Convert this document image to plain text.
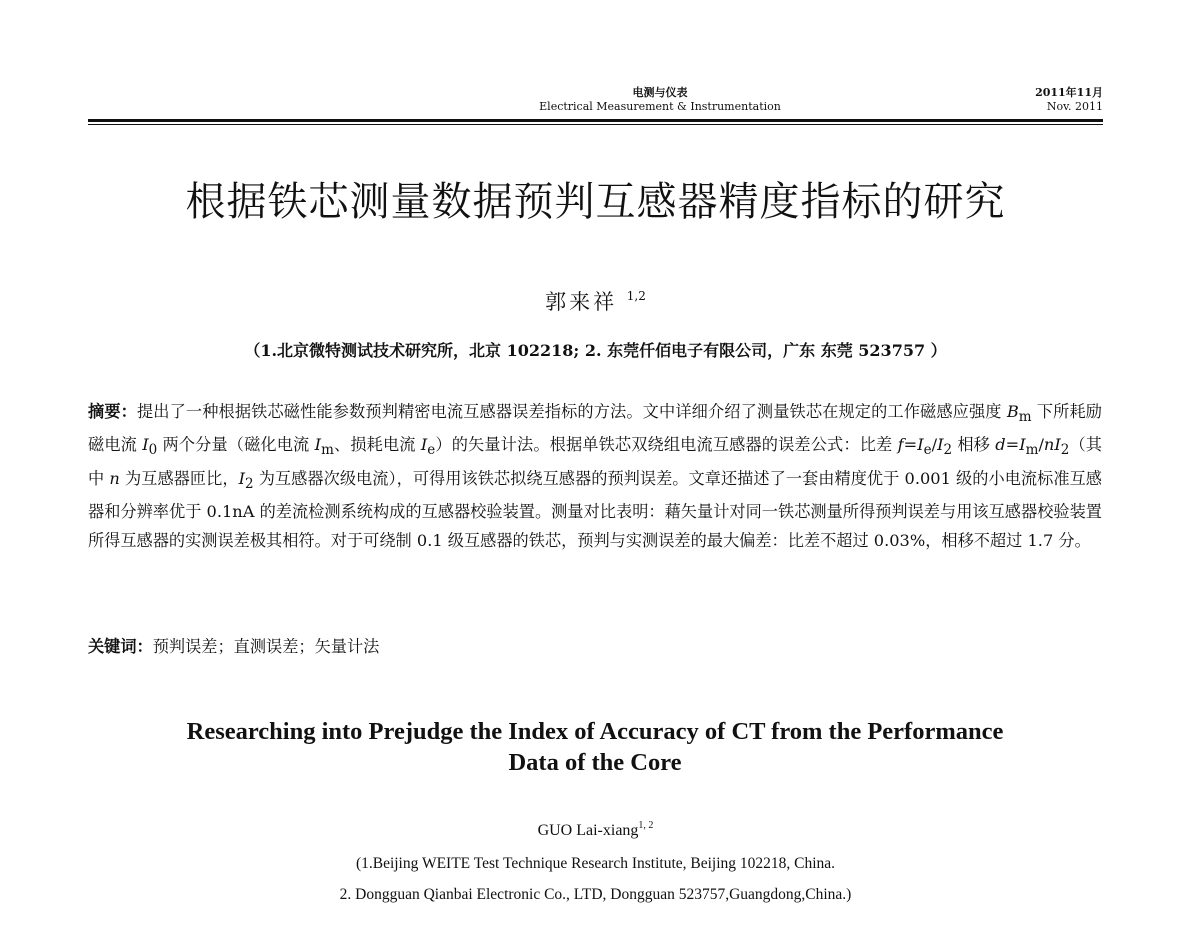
电测与仪表
Electrical Measurement & Instrumentation
2011年11月
Nov. 2011
根据铁芯测量数据预判互感器精度指标的研究
郭来祥 $^{1,2}$
（1.北京微特测试技术研究所，北京 102218; 2. 东莞仟佰电子有限公司，广东 东莞 523757 ）
摘要：提出了一种根据铁芯磁性能参数预判精密电流互感器误差指标的方法。文中详细介绍了测量铁芯在规定的工作磁感应强度 $B_m$ 下所耗励磁电流 $I_0$ 两个分量（磁化电流 $I_m$、损耗电流 $I_e$）的矢量计法。根据单铁芯双绕组电流互感器的误差公式：比差 $f=I_e/I_2$ 相移 $d=I_m/nI_2$（其中 n 为互感器匝比，$I_2$ 为互感器次级电流），可得用该铁芯拟绕互感器的预判误差。文章还描述了一套由精度优于 0.001 级的小电流标准互感器和分辨率优于 0.1nA 的差流检测系统构成的互感器校验装置。测量对比表明：藉矢量计对同一铁芯测量所得预判误差与用该互感器校验装置所得互感器的实测误差极其相符。对于可绕制 0.1 级互感器的铁芯，预判与实测误差的最大偏差：比差不超过 0.03%，相移不超过 1.7 分。
关键词：预判误差；直测误差；矢量计法
Researching into Prejudge the Index of Accuracy of CT from the Performance
Data of the Core
GUO Lai-xiang$^{1, 2}$
(1.Beijing WEITE Test Technique Research Institute, Beijing 102218, China.
2. Dongguan Qianbai Electronic Co., LTD, Dongguan 523757,Guangdong,China.)
